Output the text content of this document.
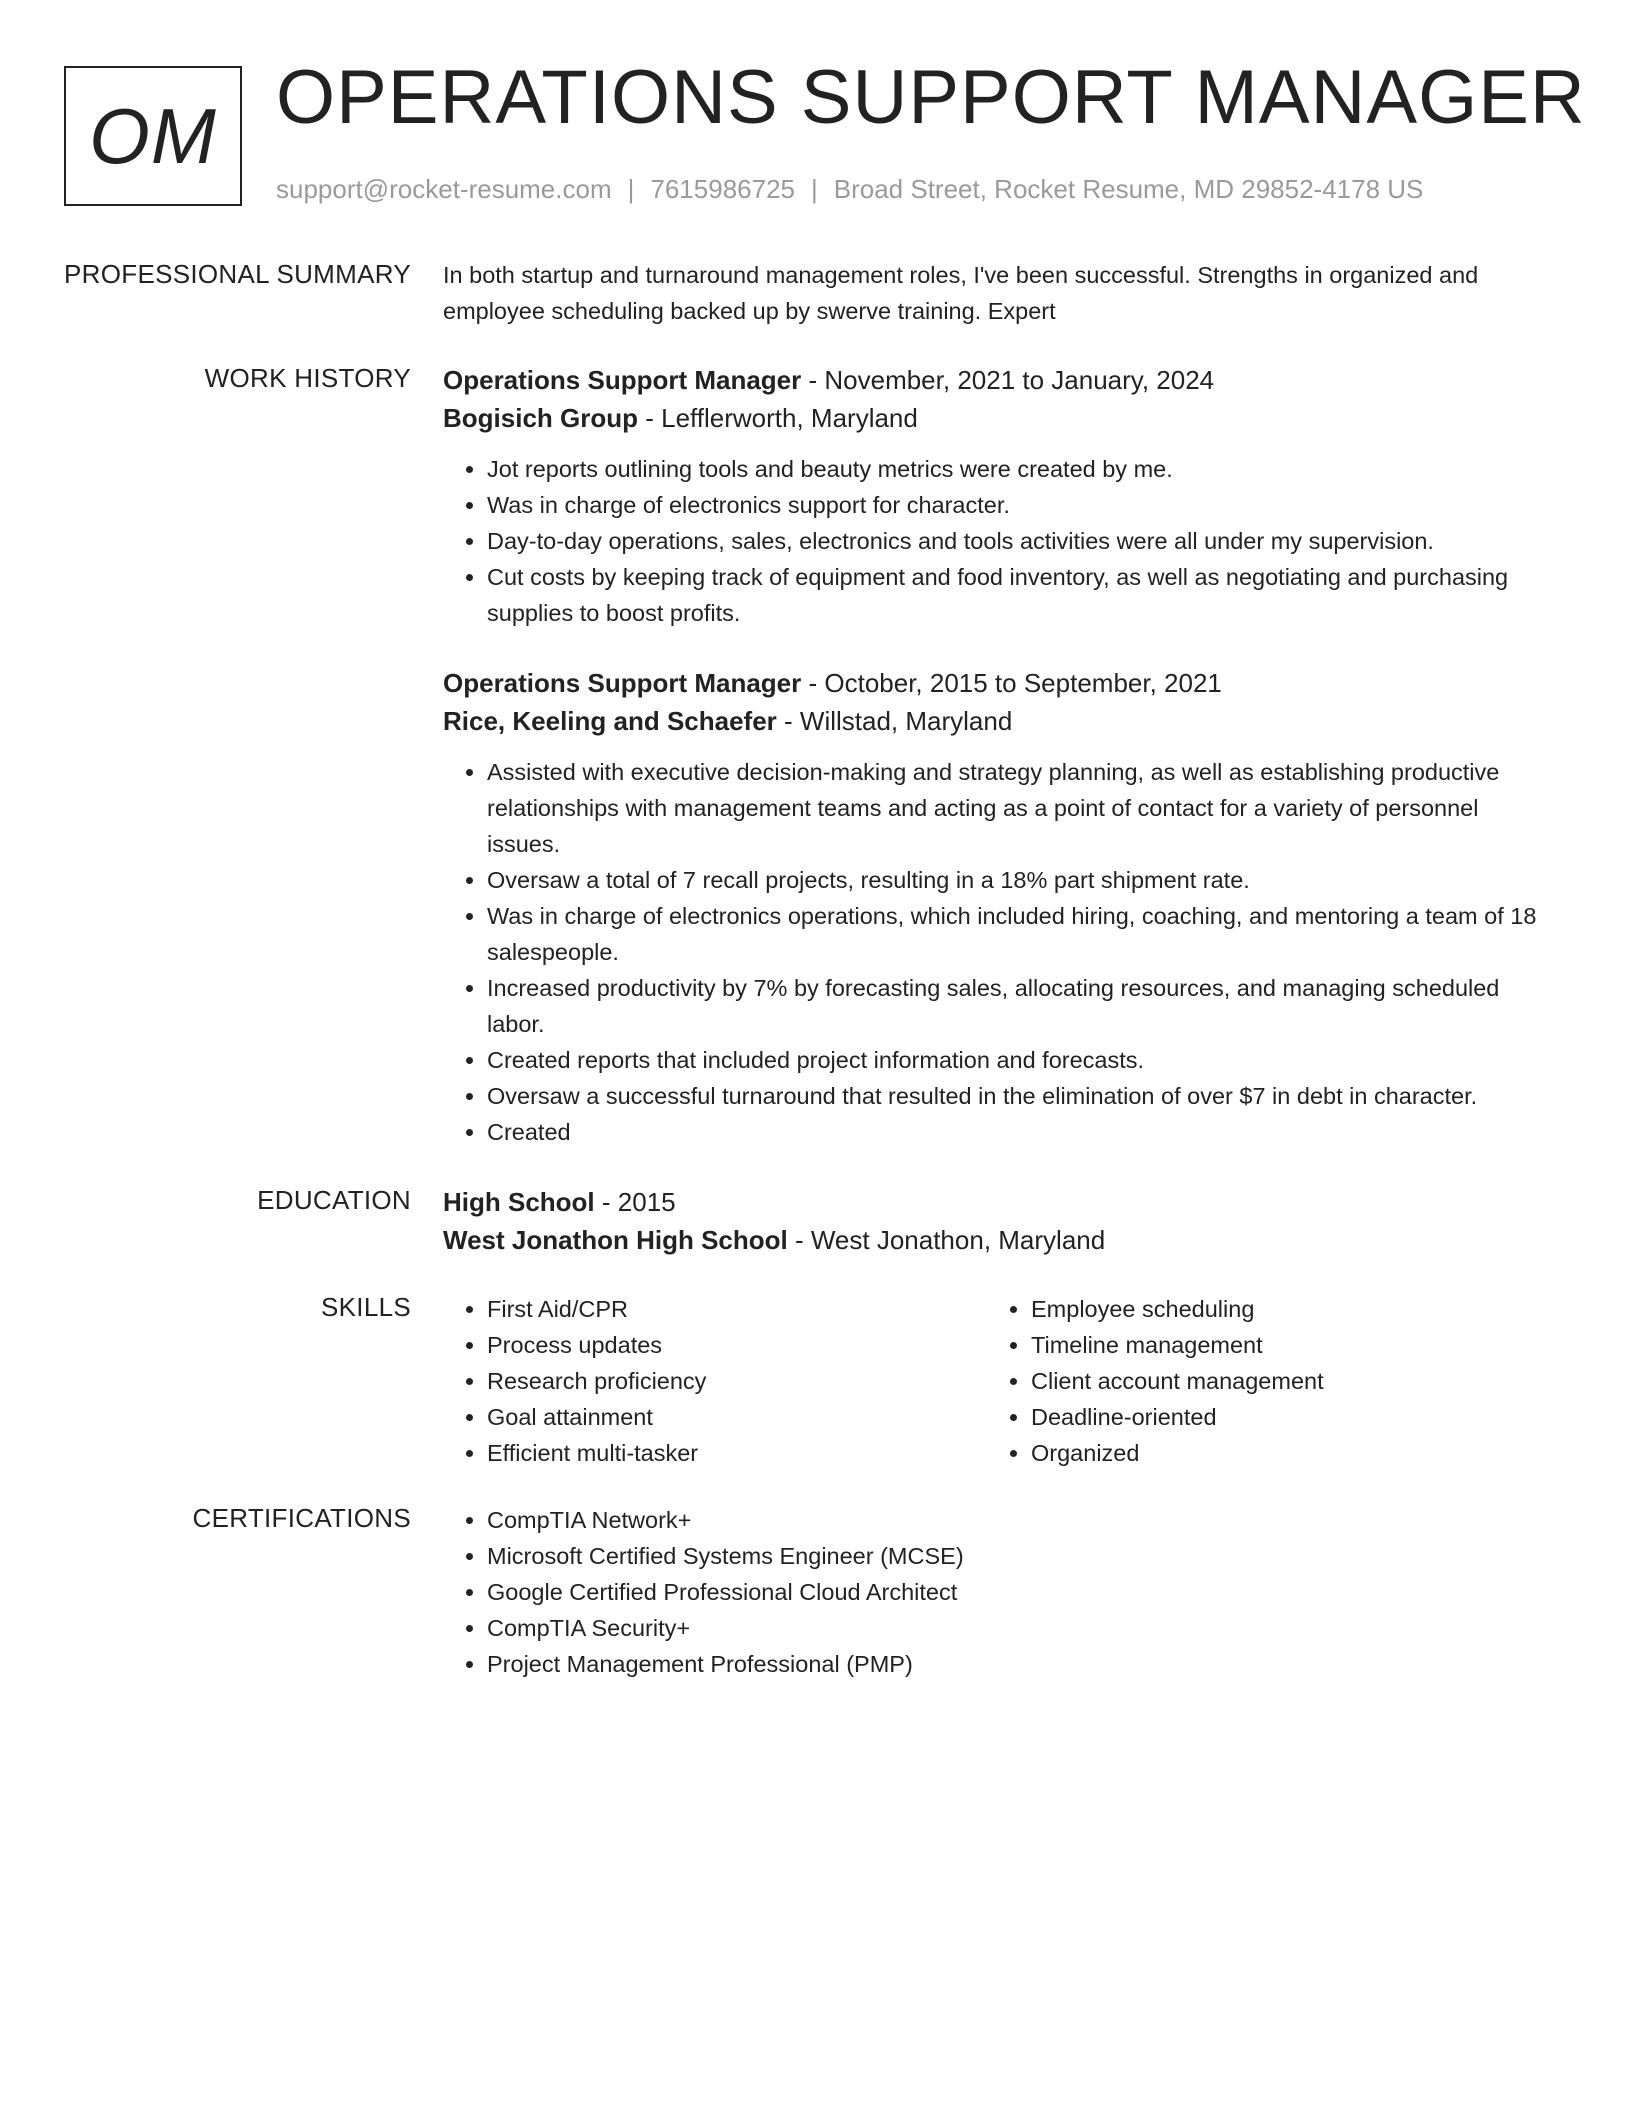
OM OPERATIONS SUPPORT MANAGER
support@rocket-resume.com | 7615986725 | Broad Street, Rocket Resume, MD 29852-4178 US
PROFESSIONAL SUMMARY In both startup and turnaround management roles, I've been successful. Strengths in organized and employee scheduling backed up by swerve training. Expert

WORK HISTORY Operations Support Manager - November, 2021 to January, 2024

Bogisich Group - Lefflerworth, Maryland

• Jot reports outlining tools and beauty metrics were created by me.
• Was in charge of electronics support for character.
• Day-to-day operations, sales, electronics and tools activities were all under my supervision.
• Cut costs by keeping track of equipment and food inventory, as well as negotiating and purchasing supplies to boost profits.

Operations Support Manager - October, 2015 to September, 2021

Rice, Keeling and Schaefer - Willstad, Maryland

• Assisted with executive decision-making and strategy planning, as well as establishing productive relationships with management teams and acting as a point of contact for a variety of personnel issues.
• Oversaw a total of 7 recall projects, resulting in a 18% part shipment rate.
• Was in charge of electronics operations, which included hiring, coaching, and mentoring a team of 18 salespeople.
• Increased productivity by 7% by forecasting sales, allocating resources, and managing scheduled labor.
• Created reports that included project information and forecasts.
• Oversaw a successful turnaround that resulted in the elimination of over $7 in debt in character.
• Created
EDUCATION High School - 2015

West Jonathon High School - West Jonathon, Maryland

SKILLS	• First Aid/CPR
• Process updates
• Research proficiency
• Goal attainment
• Efficient multi-tasker
• Employee scheduling
• Timeline management
• Client account management
• Deadline-oriented
• Organized
CERTIFICATIONS	• CompTIA Network+
• Microsoft Certified Systems Engineer (MCSE)
• Google Certified Professional Cloud Architect
• CompTIA Security+
• Project Management Professional (PMP)
